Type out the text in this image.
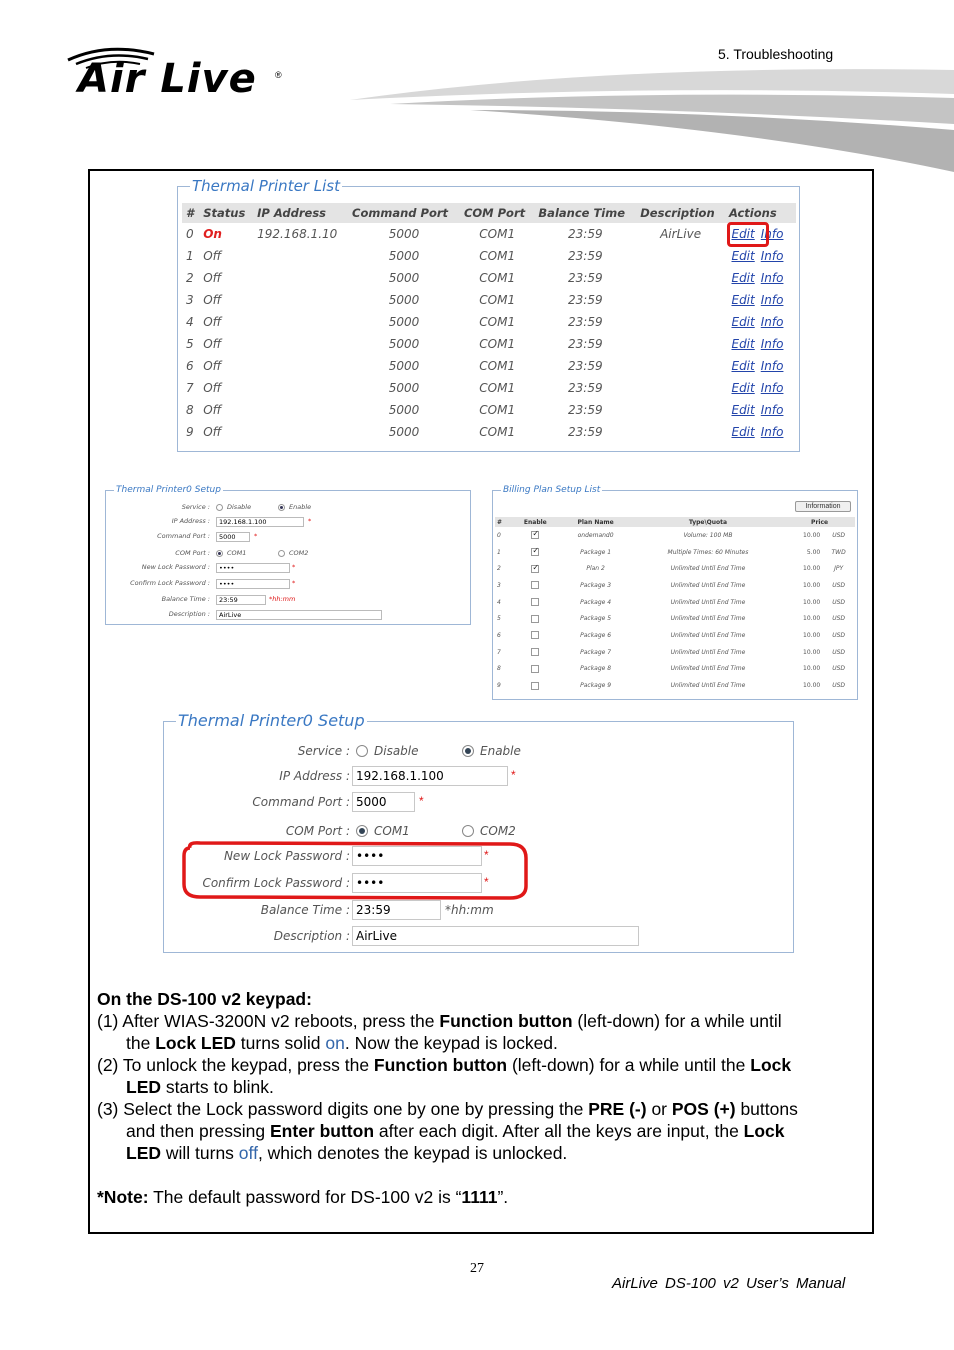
Air Live ®
5. Troubleshooting
Thermal Printer List
#	Status	IP Address	Command Port	COM Port	Balance Time	Description	Actions
0	On	192.168.1.10	5000	COM1	23:59	AirLive	Edit Info
1	Off		5000	COM1	23:59		Edit Info
2	Off		5000	COM1	23:59		Edit Info
3	Off		5000	COM1	23:59		Edit Info
4	Off		5000	COM1	23:59		Edit Info
5	Off		5000	COM1	23:59		Edit Info
6	Off		5000	COM1	23:59		Edit Info
7	Off		5000	COM1	23:59		Edit Info
8	Off		5000	COM1	23:59		Edit Info
9	Off		5000	COM1	23:59		Edit Info
Thermal Printer0 Setup
Service :	Disable	Enable
IP Address :	192.168.1.100	*
Command Port :	5000	*
COM Port :	COM1	COM2
New Lock Password :	••••	*
Confirm Lock Password :	••••	*
Balance Time :	23:59	*hh:mm
Description :	AirLive
Billing Plan Setup List
Information
#	Enable	Plan Name	Type\Quota	Price	
0	✓	ondemand0	Volume: 100 MB	10.00	USD
1	✓	Package 1	Multiple Times: 60 Minutes	5.00	TWD
2	✓	Plan 2	Unlimited Until End Time	10.00	JPY
3		Package 3	Unlimited Until End Time	10.00	USD
4		Package 4	Unlimited Until End Time	10.00	USD
5		Package 5	Unlimited Until End Time	10.00	USD
6		Package 6	Unlimited Until End Time	10.00	USD
7		Package 7	Unlimited Until End Time	10.00	USD
8		Package 8	Unlimited Until End Time	10.00	USD
9		Package 9	Unlimited Until End Time	10.00	USD
Thermal Printer0 Setup
Service : Disable	Enable
IP Address : 192.168.1.100	*
Command Port : 5000	*
COM Port : COM1	COM2
New Lock Password : ••••	*
Confirm Lock Password : ••••	*
Balance Time : 23:59	*hh:mm
Description : AirLive
On the DS-100 v2 keypad:
(1) After WIAS-3200N v2 reboots, press the Function button (left-down) for a while until
the Lock LED turns solid on. Now the keypad is locked.
(2) To unlock the keypad, press the Function button (left-down) for a while until the Lock
LED starts to blink.
(3) Select the Lock password digits one by one by pressing the PRE (-) or POS (+) buttons
and then pressing Enter button after each digit. After all the keys are input, the Lock
LED will turns off, which denotes the keypad is unlocked.
*Note: The default password for DS-100 v2 is “1111”.
27
AirLive DS-100 v2 User’s Manual
